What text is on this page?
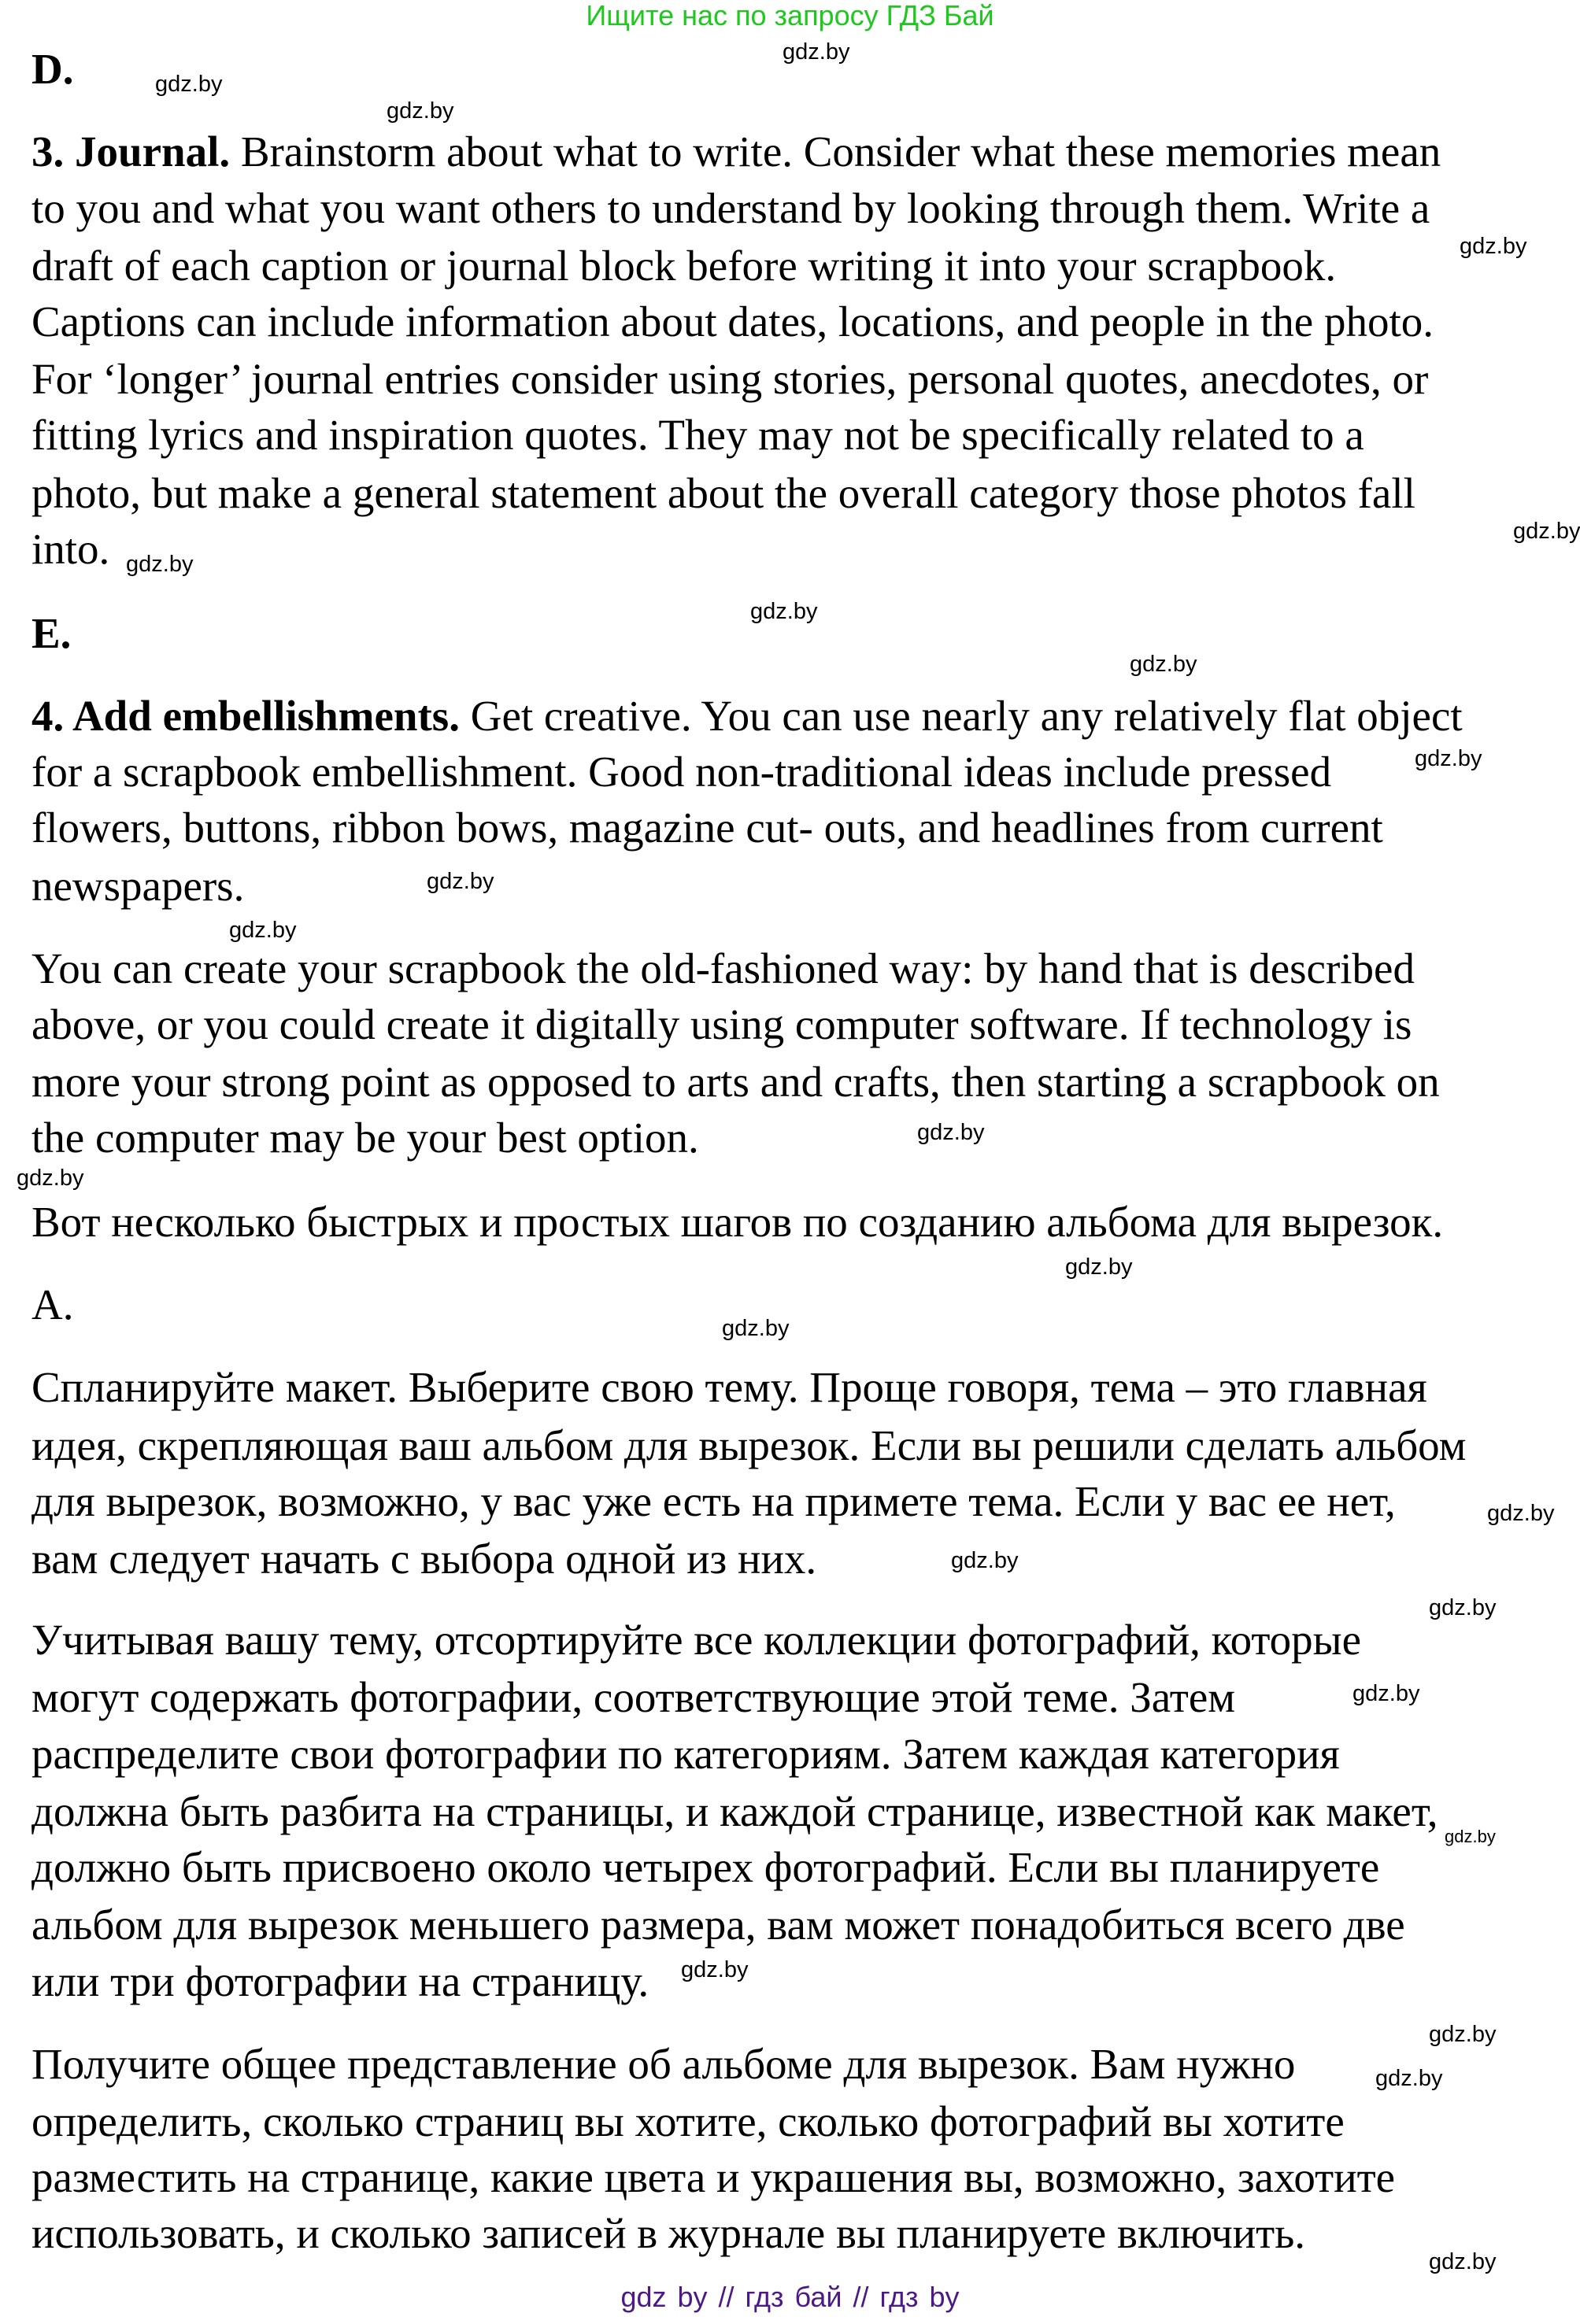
Ищите нас по запросу ГДЗ Бай
D.
3. Journal. Brainstorm about what to write. Consider what these memories mean
to you and what you want others to understand by looking through them. Write a
draft of each caption or journal block before writing it into your scrapbook.
Captions can include information about dates, locations, and people in the photo.
For ‘longer’ journal entries consider using stories, personal quotes, anecdotes, or
fitting lyrics and inspiration quotes. They may not be specifically related to a
photo, but make a general statement about the overall category those photos fall
into.
E.
4. Add embellishments. Get creative. You can use nearly any relatively flat object
for a scrapbook embellishment. Good non-traditional ideas include pressed
flowers, buttons, ribbon bows, magazine cut- outs, and headlines from current
newspapers.
You can create your scrapbook the old-fashioned way: by hand that is described
above, or you could create it digitally using computer software. If technology is
more your strong point as opposed to arts and crafts, then starting a scrapbook on
the computer may be your best option.
Вот несколько быстрых и простых шагов по созданию альбома для вырезок.
A.
Спланируйте макет. Выберите свою тему. Проще говоря, тема – это главная
идея, скрепляющая ваш альбом для вырезок. Если вы решили сделать альбом
для вырезок, возможно, у вас уже есть на примете тема. Если у вас ее нет,
вам следует начать с выбора одной из них.
Учитывая вашу тему, отсортируйте все коллекции фотографий, которые
могут содержать фотографии, соответствующие этой теме. Затем
распределите свои фотографии по категориям. Затем каждая категория
должна быть разбита на страницы, и каждой странице, известной как макет,
должно быть присвоено около четырех фотографий. Если вы планируете
альбом для вырезок меньшего размера, вам может понадобиться всего две
или три фотографии на страницу.
Получите общее представление об альбоме для вырезок. Вам нужно
определить, сколько страниц вы хотите, сколько фотографий вы хотите
разместить на странице, какие цвета и украшения вы, возможно, захотите
использовать, и сколько записей в журнале вы планируете включить.
gdz.by
gdz.by
gdz.by
gdz.by
gdz.by
gdz.by
gdz.by
gdz.by
gdz.by
gdz.by
gdz.by
gdz.by
gdz.by
gdz.by
gdz.by
gdz.by
gdz.by
gdz.by
gdz.by
gdz.by
gdz.by
gdz.by
gdz.by
gdz.by
gdz by // гдз бай // гдз by
